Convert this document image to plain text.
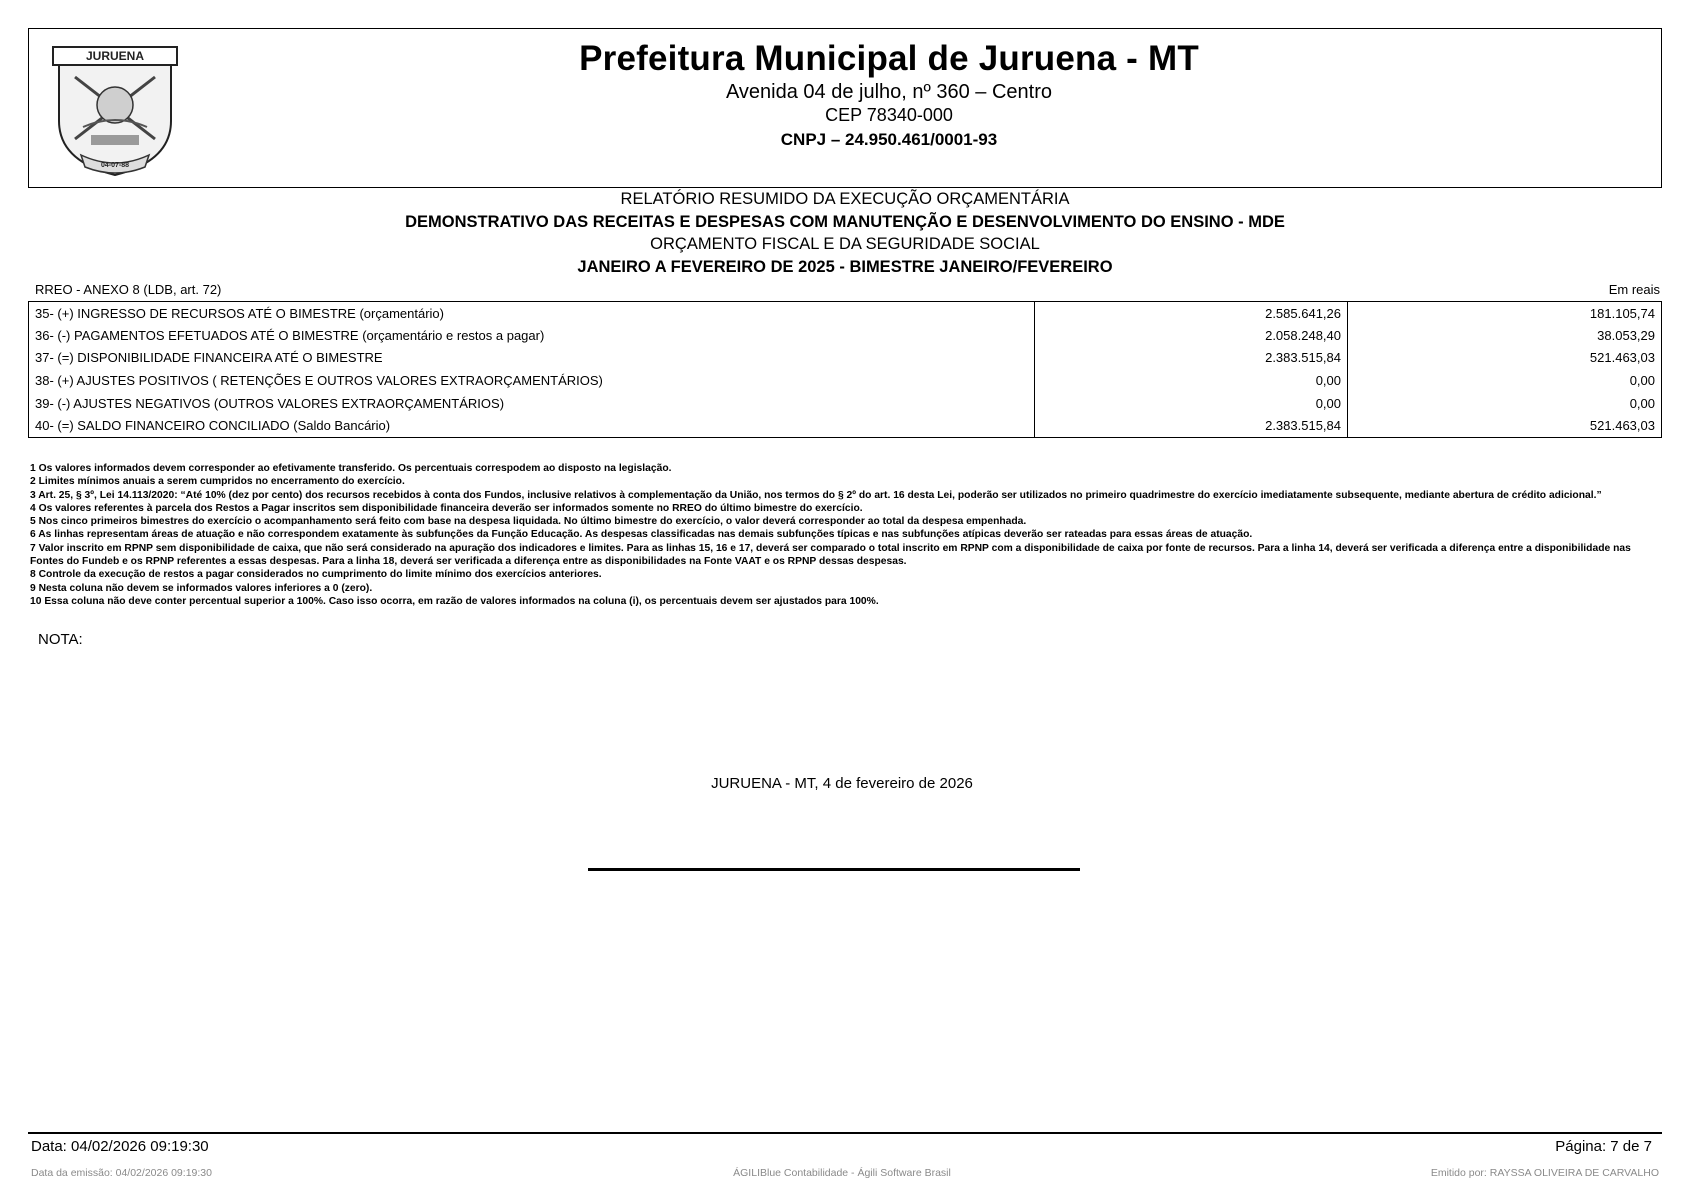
JURUENA
04-07-88
Prefeitura Municipal de Juruena - MT
Avenida 04 de julho, nº 360 – Centro
CEP 78340-000
CNPJ – 24.950.461/0001-93
RELATÓRIO RESUMIDO DA EXECUÇÃO ORÇAMENTÁRIA
DEMONSTRATIVO DAS RECEITAS E DESPESAS COM MANUTENÇÃO E DESENVOLVIMENTO DO ENSINO - MDE
ORÇAMENTO FISCAL E DA SEGURIDADE SOCIAL
JANEIRO A FEVEREIRO DE 2025 - BIMESTRE JANEIRO/FEVEREIRO
RREO - ANEXO 8 (LDB, art. 72)	Em reais
35- (+) INGRESSO DE RECURSOS ATÉ O BIMESTRE (orçamentário)	2.585.641,26	181.105,74
36- (-) PAGAMENTOS EFETUADOS ATÉ O BIMESTRE (orçamentário e restos a pagar)	2.058.248,40	38.053,29
37- (=) DISPONIBILIDADE FINANCEIRA ATÉ O BIMESTRE	2.383.515,84	521.463,03
38- (+) AJUSTES POSITIVOS ( RETENÇÕES E OUTROS VALORES EXTRAORÇAMENTÁRIOS)	0,00	0,00
39- (-) AJUSTES NEGATIVOS (OUTROS VALORES EXTRAORÇAMENTÁRIOS)	0,00	0,00
40- (=) SALDO FINANCEIRO CONCILIADO (Saldo Bancário)	2.383.515,84	521.463,03
1 Os valores informados devem corresponder ao efetivamente transferido. Os percentuais correspodem ao disposto na legislação.
2 Limites mínimos anuais a serem cumpridos no encerramento do exercício.
3 Art. 25, § 3º, Lei 14.113/2020: “Até 10% (dez por cento) dos recursos recebidos à conta dos Fundos, inclusive relativos à complementação da União, nos termos do § 2º do art. 16 desta Lei, poderão ser utilizados no primeiro quadrimestre do exercício imediatamente subsequente, mediante abertura de crédito adicional.”
4 Os valores referentes à parcela dos Restos a Pagar inscritos sem disponibilidade financeira deverão ser informados somente no RREO do último bimestre do exercício.
5 Nos cinco primeiros bimestres do exercício o acompanhamento será feito com base na despesa liquidada. No último bimestre do exercício, o valor deverá corresponder ao total da despesa empenhada.
6 As linhas representam áreas de atuação e não correspondem exatamente às subfunções da Função Educação. As despesas classificadas nas demais subfunções típicas e nas subfunções atípicas deverão ser rateadas para essas áreas de atuação.
7 Valor inscrito em RPNP sem disponibilidade de caixa, que não será considerado na apuração dos indicadores e limites. Para as linhas 15, 16 e 17, deverá ser comparado o total inscrito em RPNP com a disponibilidade de caixa por fonte de recursos. Para a linha 14, deverá ser verificada a diferença entre a disponibilidade nas Fontes do Fundeb e os RPNP referentes a essas despesas. Para a linha 18, deverá ser verificada a diferença entre as disponibilidades na Fonte VAAT e os RPNP dessas despesas.
8 Controle da execução de restos a pagar considerados no cumprimento do limite mínimo dos exercícios anteriores.
9 Nesta coluna não devem se informados valores inferiores a 0 (zero).
10 Essa coluna não deve conter percentual superior a 100%. Caso isso ocorra, em razão de valores informados na coluna (i), os percentuais devem ser ajustados para 100%.
NOTA:
JURUENA - MT, 4 de fevereiro de 2026
Data: 04/02/2026 09:19:30	Página: 7 de 7
Data da emissão: 04/02/2026 09:19:30	ÁGILIBlue Contabilidade - Ágili Software Brasil	Emitido por: RAYSSA OLIVEIRA DE CARVALHO
